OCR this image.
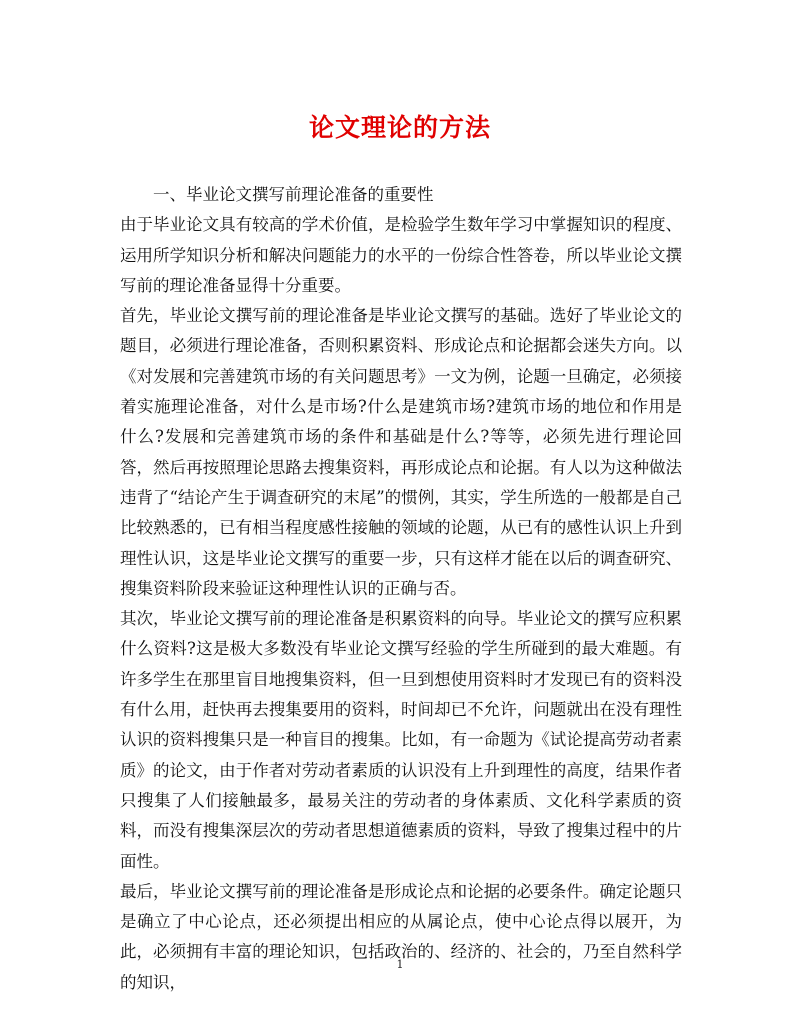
论文理论的方法

一、毕业论文撰写前理论准备的重要性

由于毕业论文具有较高的学术价值，是检验学生数年学习中掌握知识的程度、运用所学知识分析和解决问题能力的水平的一份综合性答卷，所以毕业论文撰写前的理论准备显得十分重要。

首先，毕业论文撰写前的理论准备是毕业论文撰写的基础。选好了毕业论文的题目，必须进行理论准备，否则积累资料、形成论点和论据都会迷失方向。以《对发展和完善建筑市场的有关问题思考》一文为例，论题一旦确定，必须接着实施理论准备，对什么是市场?什么是建筑市场?建筑市场的地位和作用是什么?发展和完善建筑市场的条件和基础是什么?等等，必须先进行理论回答，然后再按照理论思路去搜集资料，再形成论点和论据。有人以为这种做法违背了“结论产生于调查研究的末尾”的惯例，其实，学生所选的一般都是自己比较熟悉的，已有相当程度感性接触的领域的论题，从已有的感性认识上升到理性认识，这是毕业论文撰写的重要一步，只有这样才能在以后的调查研究、搜集资料阶段来验证这种理性认识的正确与否。

其次，毕业论文撰写前的理论准备是积累资料的向导。毕业论文的撰写应积累什么资料?这是极大多数没有毕业论文撰写经验的学生所碰到的最大难题。有许多学生在那里盲目地搜集资料，但一旦到想使用资料时才发现已有的资料没有什么用，赶快再去搜集要用的资料，时间却已不允许，问题就出在没有理性认识的资料搜集只是一种盲目的搜集。比如，有一命题为《试论提高劳动者素质》的论文，由于作者对劳动者素质的认识没有上升到理性的高度，结果作者只搜集了人们接触最多，最易关注的劳动者的身体素质、文化科学素质的资料，而没有搜集深层次的劳动者思想道德素质的资料，导致了搜集过程中的片面性。

最后，毕业论文撰写前的理论准备是形成论点和论据的必要条件。确定论题只是确立了中心论点，还必须提出相应的从属论点，使中心论点得以展开，为此，必须拥有丰富的理论知识，包括政治的、经济的、社会的，乃至自然科学的知识，

1
